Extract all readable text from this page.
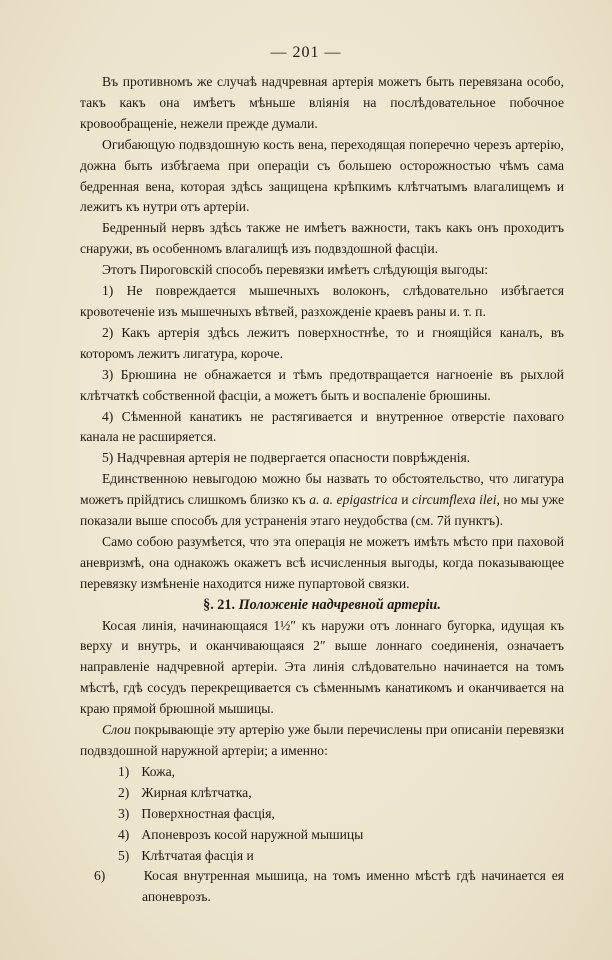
— 201 —

Въ противномъ же случаѣ надчревная артерія можетъ быть перевязана особо, такъ какъ она имѣетъ мѣньше вліянія на послѣдовательное побочное кровообращеніе, нежели прежде думали.

Огибающую подвздошную кость вена, переходящая поперечно черезъ артерію, дожна быть избѣгаема при операціи съ большею осторожностью чѣмъ сама бедренная вена, которая здѣсь защищена крѣпкимъ клѣтчатымъ влагалищемъ и лежитъ къ нутри отъ артеріи.

Бедренный нервъ здѣсь также не имѣетъ важности, такъ какъ онъ проходитъ снаружи, въ особенномъ влагалищѣ изъ подвздошной фасціи.

Этотъ Пироговскій способъ перевязки имѣетъ слѣдующія выгоды:

1) Не повреждается мышечныхъ волоконъ, слѣдовательно избѣгается кровотеченіе изъ мышечныхъ вѣтвей, разхожденіе краевъ раны и. т. п.

2) Какъ артерія здѣсь лежитъ поверхностнѣе, то и гноящійся каналъ, въ которомъ лежитъ лигатура, короче.

3) Брюшина не обнажается и тѣмъ предотвращается нагноеніе въ рыхлой клѣтчаткѣ собственной фасціи, а можетъ быть и воспаленіе брюшины.

4) Сѣменной канатикъ не растягивается и внутренное отверстіе паховаго канала не расширяется.

5) Надчревная артерія не подвергается опасности поврѣжденія.

Единственною невыгодою можно бы назвать то обстоятельство, что лигатура можетъ прійдтись слишкомъ близко къ a. a. epigastrica и circumflexa ilei, но мы уже показали выше способъ для устраненія этаго неудобства (см. 7й пунктъ).

Само собою разумѣется, что эта операція не можетъ имѣть мѣсто при паховой аневризмѣ, она однакожъ окажетъ всѣ исчисленныя выгоды, когда показывающее перевязку измѣненіе находится ниже пупартовой связки.

§. 21. Положеніе надчревной артеріи.

Косая линія, начинающаяся 1½″ къ наружи отъ лоннаго бугорка, идущая къ верху и внутрь, и оканчивающаяся 2″ выше лоннаго соединенія, означаетъ направленіе надчревной артеріи. Эта линія слѣдовательно начинается на томъ мѣстѣ, гдѣ сосудъ перекрещивается съ сѣменнымъ канатикомъ и оканчивается на краю прямой брюшной мышицы.

Слои покрывающіе эту артерію уже были перечислены при описаніи перевязки подвздошной наружной артеріи; а именно:

1) Кожа,
2) Жирная клѣтчатка,
3) Поверхностная фасція,
4) Апоневрозъ косой наружной мышицы
5) Клѣтчатая фасція и
6)	Косая внутренная мышица, на томъ именно мѣстѣ гдѣ начинается ея апоневрозъ.
